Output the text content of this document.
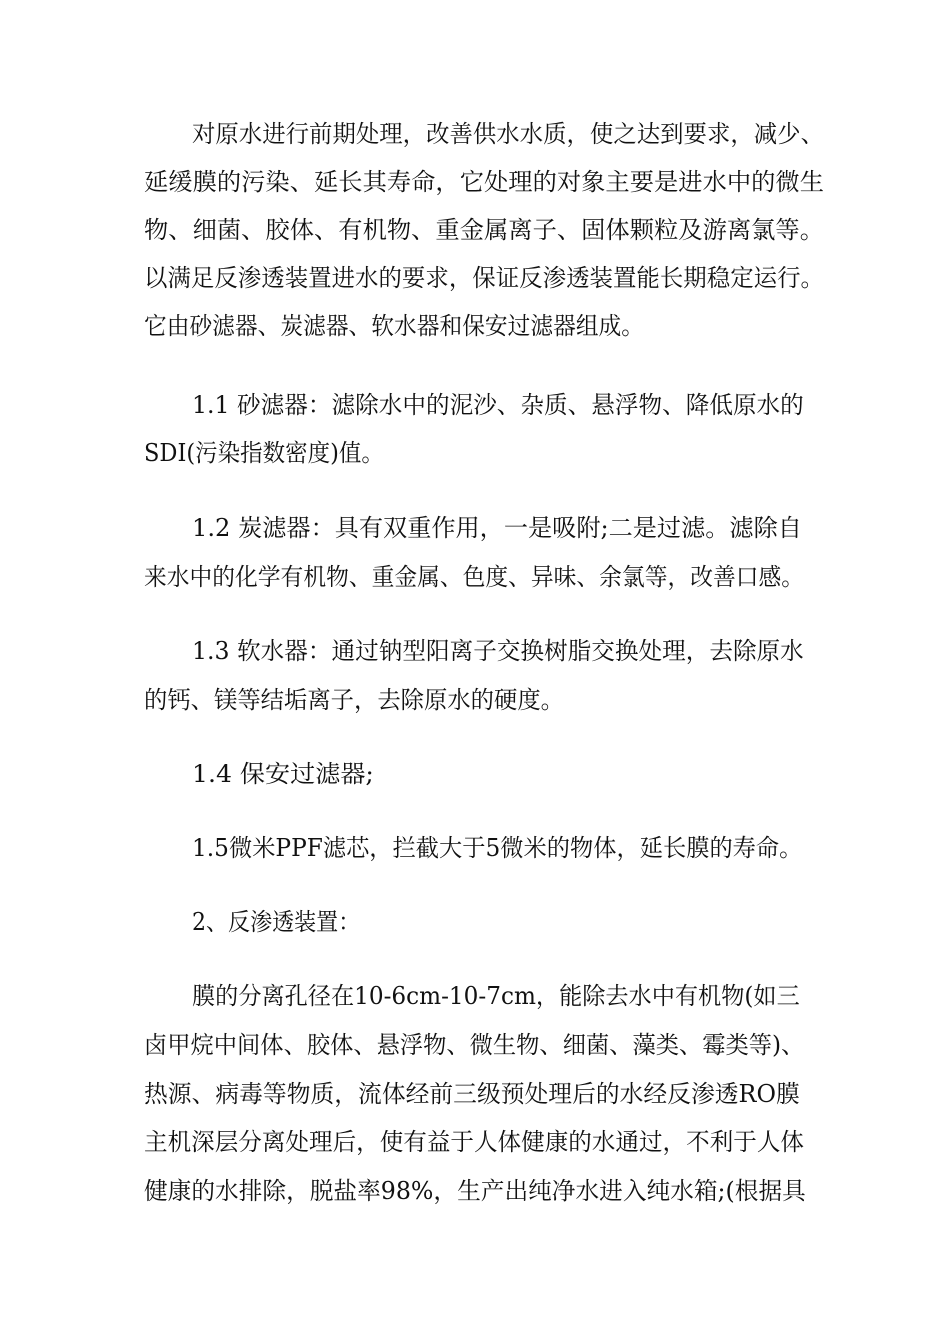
对原水进行前期处理，改善供水水质，使之达到要求，减少、
延缓膜的污染、延长其寿命，它处理的对象主要是进水中的微生
物、细菌、胶体、有机物、重金属离子、固体颗粒及游离氯等。
以满足反渗透装置进水的要求，保证反渗透装置能长期稳定运行。
它由砂滤器、炭滤器、软水器和保安过滤器组成。
1.1 砂滤器：滤除水中的泥沙、杂质、悬浮物、降低原水的
SDI(污染指数密度)值。
1.2 炭滤器：具有双重作用，一是吸附;二是过滤。滤除自
来水中的化学有机物、重金属、色度、异味、余氯等，改善口感。
1.3 软水器：通过钠型阳离子交换树脂交换处理，去除原水
的钙、镁等结垢离子，去除原水的硬度。
1.4 保安过滤器;
1.5微米PPF滤芯，拦截大于5微米的物体，延长膜的寿命。
2、反渗透装置：
膜的分离孔径在10-6cm-10-7cm，能除去水中有机物(如三
卤甲烷中间体、胶体、悬浮物、微生物、细菌、藻类、霉类等)、
热源、病毒等物质，流体经前三级预处理后的水经反渗透RO膜
主机深层分离处理后，使有益于人体健康的水通过，不利于人体
健康的水排除，脱盐率98%，生产出纯净水进入纯水箱;(根据具
